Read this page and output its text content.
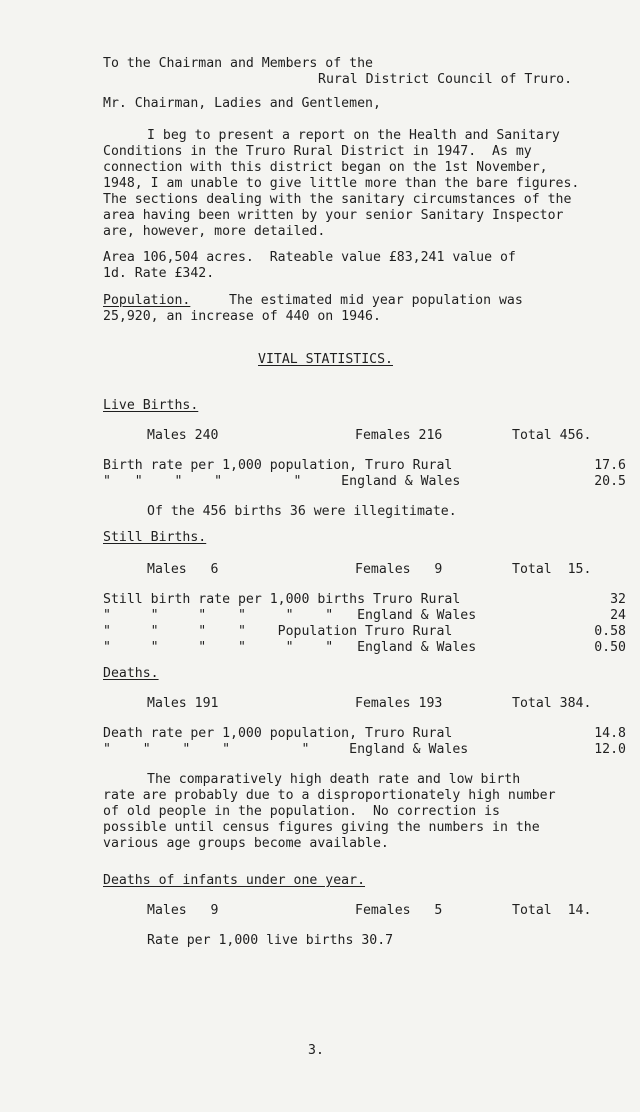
To the Chairman and Members of the
Rural District Council of Truro.
Mr. Chairman, Ladies and Gentlemen,
I beg to present a report on the Health and Sanitary
Conditions in the Truro Rural District in 1947.  As my
connection with this district began on the 1st November,
1948, I am unable to give little more than the bare figures.
The sections dealing with the sanitary circumstances of the
area having been written by your senior Sanitary Inspector
are, however, more detailed.
Area 106,504 acres.  Rateable value £83,241 value of
1d. Rate £342.
Population.	The estimated mid year population was
25,920, an increase of 440 on 1946.
VITAL STATISTICS.
Live Births.
Males 240	Females 216	Total 456.
Birth rate per 1,000 population, Truro Rural	17.6
"   "    "    "         "     England & Wales	20.5
Of the 456 births 36 were illegitimate.
Still Births.
Males   6	Females   9	Total  15.
Still birth rate per 1,000 births Truro Rural	32
"     "     "    "     "    "   England & Wales	24
"     "     "    "    Population Truro Rural	0.58
"     "     "    "     "    "   England & Wales	0.50
Deaths.
Males 191	Females 193	Total 384.
Death rate per 1,000 population, Truro Rural	14.8
"    "    "    "         "     England & Wales	12.0
The comparatively high death rate and low birth
rate are probably due to a disproportionately high number
of old people in the population.  No correction is
possible until census figures giving the numbers in the
various age groups become available.
Deaths of infants under one year.
Males   9	Females   5	Total  14.
Rate per 1,000 live births 30.7
3.
